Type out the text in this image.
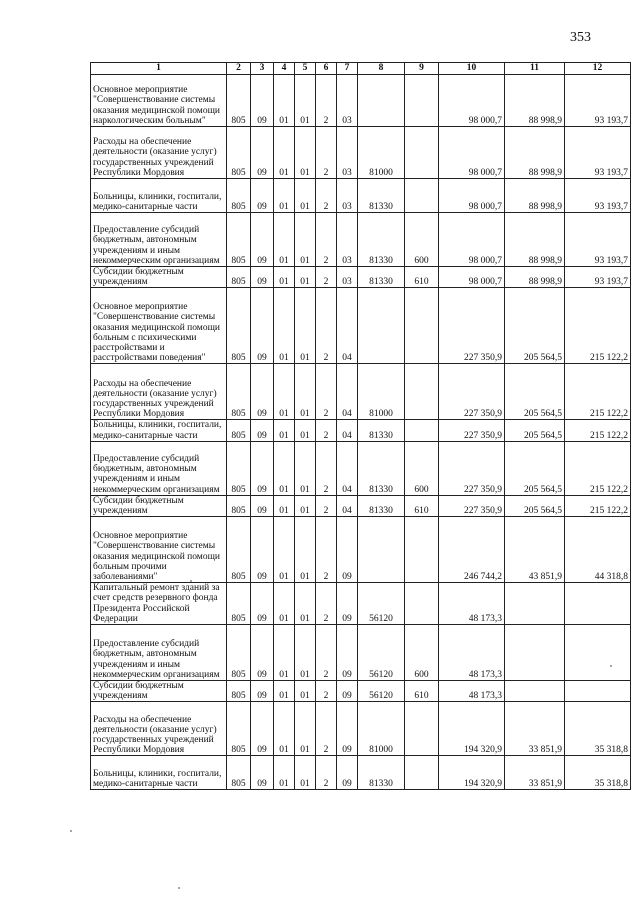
353
1	2	3	4	5	6	7	8	9	10	11	12
Основное мероприятие "Совершенствование системы оказания медицинской помощи наркологическим больным"	805	09	01	01	2	03			98 000,7	88 998,9	93 193,7
Расходы на обеспечение деятельности (оказание услуг) государственных учреждений Республики Мордовия	805	09	01	01	2	03	81000		98 000,7	88 998,9	93 193,7
Больницы, клиники, госпитали, медико-санитарные части	805	09	01	01	2	03	81330		98 000,7	88 998,9	93 193,7
Предоставление субсидий бюджетным, автономным учреждениям и иным некоммерческим организациям	805	09	01	01	2	03	81330	600	98 000,7	88 998,9	93 193,7
Субсидии бюджетным учреждениям	805	09	01	01	2	03	81330	610	98 000,7	88 998,9	93 193,7
Основное мероприятие "Совершенствование системы оказания медицинской помощи больным с психическими расстройствами и расстройствами поведения"	805	09	01	01	2	04			227 350,9	205 564,5	215 122,2
Расходы на обеспечение деятельности (оказание услуг) государственных учреждений Республики Мордовия	805	09	01	01	2	04	81000		227 350,9	205 564,5	215 122,2
Больницы, клиники, госпитали, медико-санитарные части	805	09	01	01	2	04	81330		227 350,9	205 564,5	215 122,2
Предоставление субсидий бюджетным, автономным учреждениям и иным некоммерческим организациям	805	09	01	01	2	04	81330	600	227 350,9	205 564,5	215 122,2
Субсидии бюджетным учреждениям	805	09	01	01	2	04	81330	610	227 350,9	205 564,5	215 122,2
Основное мероприятие "Совершенствование системы оказания медицинской помощи больным прочими заболеваниями"	805	09	01	01	2	09			246 744,2	43 851,9	44 318,8
Капитальный ремонт зданий за счет средств резервного фонда Президента Российской Федерации	805	09	01	01	2	09	56120		48 173,3		
Предоставление субсидий бюджетным, автономным учреждениям и иным некоммерческим организациям	805	09	01	01	2	09	56120	600	48 173,3		
Субсидии бюджетным учреждениям	805	09	01	01	2	09	56120	610	48 173,3		
Расходы на обеспечение деятельности (оказание услуг) государственных учреждений Республики Мордовия	805	09	01	01	2	09	81000		194 320,9	33 851,9	35 318,8
Больницы, клиники, госпитали, медико-санитарные части	805	09	01	01	2	09	81330		194 320,9	33 851,9	35 318,8
